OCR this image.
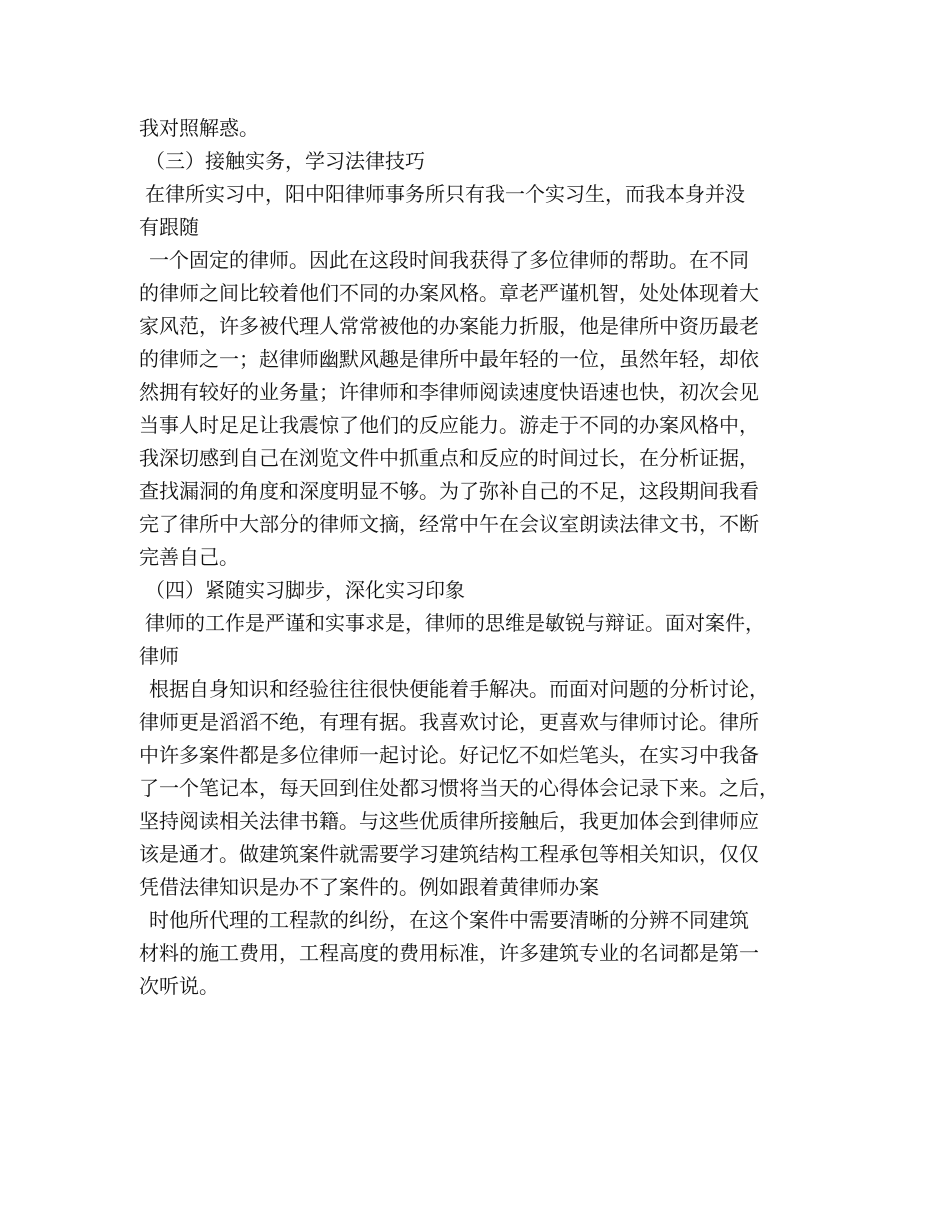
我对照解惑。
（三）接触实务，学习法律技巧
在律所实习中，阳中阳律师事务所只有我一个实习生，而我本身并没
有跟随
一个固定的律师。因此在这段时间我获得了多位律师的帮助。在不同
的律师之间比较着他们不同的办案风格。章老严谨机智，处处体现着大
家风范，许多被代理人常常被他的办案能力折服，他是律所中资历最老
的律师之一；赵律师幽默风趣是律所中最年轻的一位，虽然年轻，却依
然拥有较好的业务量；许律师和李律师阅读速度快语速也快，初次会见
当事人时足足让我震惊了他们的反应能力。游走于不同的办案风格中，
我深切感到自己在浏览文件中抓重点和反应的时间过长，在分析证据，
查找漏洞的角度和深度明显不够。为了弥补自己的不足，这段期间我看
完了律所中大部分的律师文摘，经常中午在会议室朗读法律文书，不断
完善自己。
（四）紧随实习脚步，深化实习印象
律师的工作是严谨和实事求是，律师的思维是敏锐与辩证。面对案件，
律师
根据自身知识和经验往往很快便能着手解决。而面对问题的分析讨论，
律师更是滔滔不绝，有理有据。我喜欢讨论，更喜欢与律师讨论。律所
中许多案件都是多位律师一起讨论。好记忆不如烂笔头，在实习中我备
了一个笔记本，每天回到住处都习惯将当天的心得体会记录下来。之后，
坚持阅读相关法律书籍。与这些优质律所接触后，我更加体会到律师应
该是通才。做建筑案件就需要学习建筑结构工程承包等相关知识，仅仅
凭借法律知识是办不了案件的。例如跟着黄律师办案
时他所代理的工程款的纠纷，在这个案件中需要清晰的分辨不同建筑
材料的施工费用，工程高度的费用标准，许多建筑专业的名词都是第一
次听说。
